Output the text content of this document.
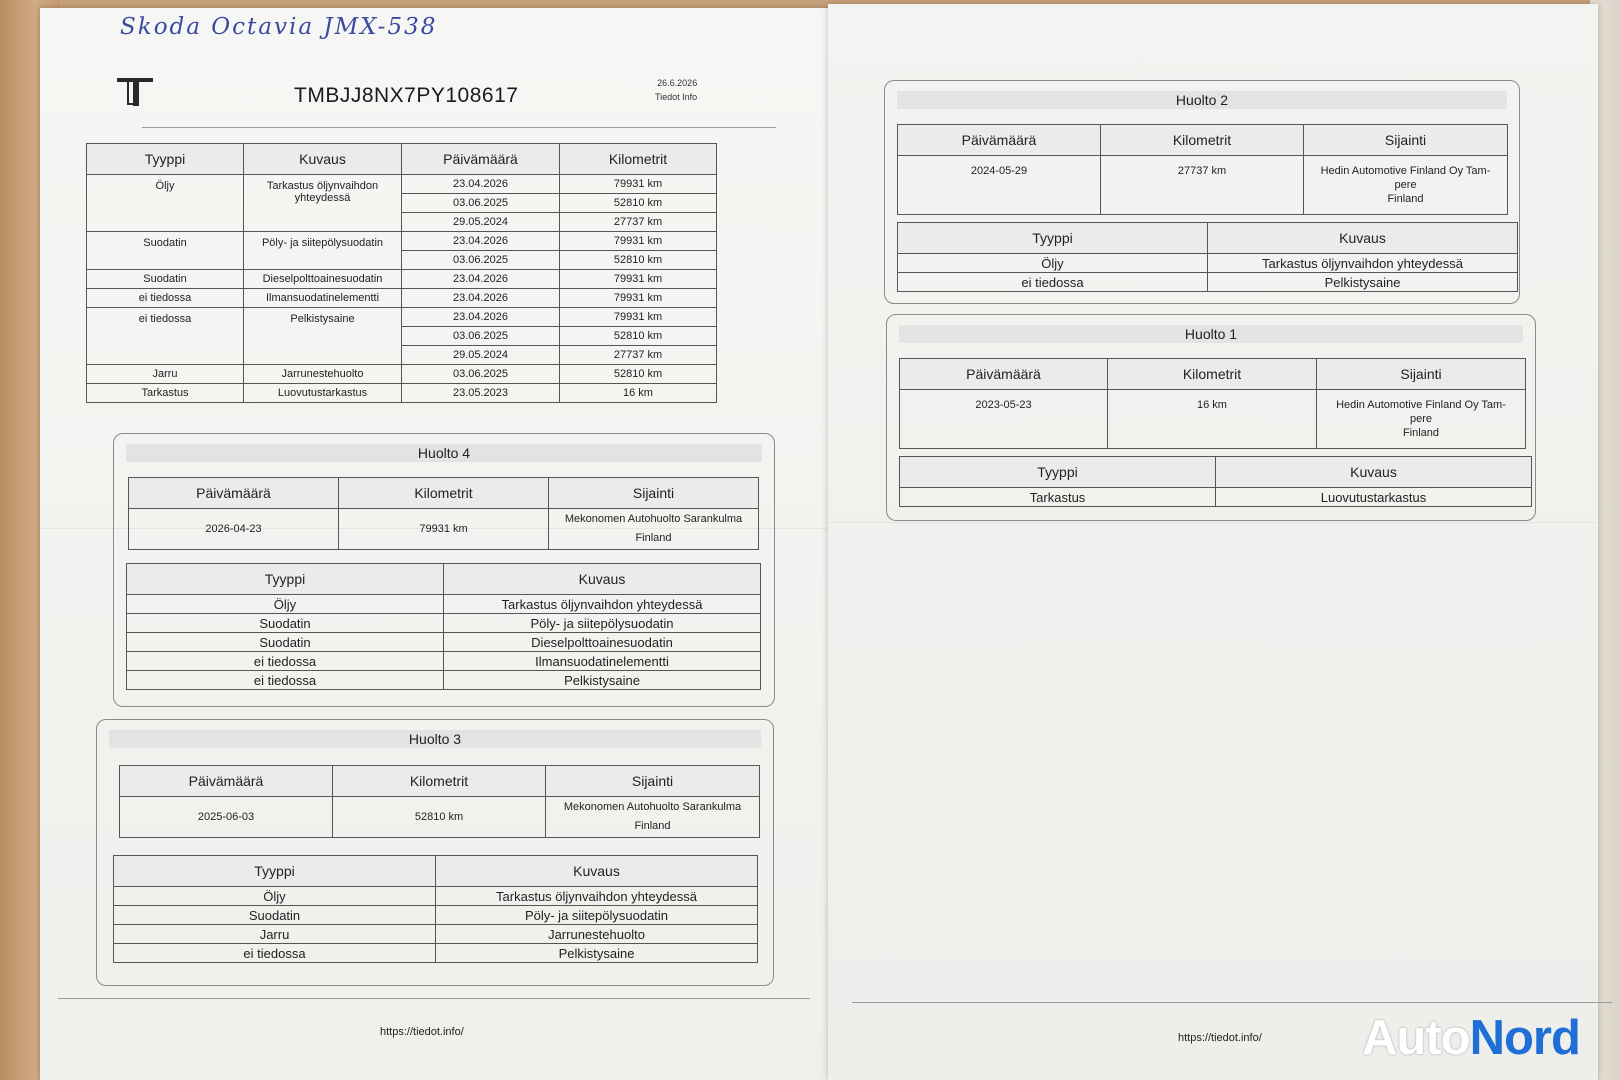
Skoda Octavia JMX-538
TMBJJ8NX7PY108617
26.6.2026
Tiedot Info
Tyyppi	Kuvaus	Päivämäärä	Kilometrit
Öljy	Tarkastus öljynvaihdon yhteydessä	23.04.2026	79931 km
		03.06.2025	52810 km
		29.05.2024	27737 km
Suodatin	Pöly- ja siitepölysuodatin	23.04.2026	79931 km
		03.06.2025	52810 km
Suodatin	Dieselpolttoainesuodatin	23.04.2026	79931 km
ei tiedossa	Ilmansuodatinelementti	23.04.2026	79931 km
ei tiedossa	Pelkistysaine	23.04.2026	79931 km
		03.06.2025	52810 km
		29.05.2024	27737 km
Jarru	Jarrunestehuolto	03.06.2025	52810 km
Tarkastus	Luovutustarkastus	23.05.2023	16 km
Huolto 4
Päivämäärä	Kilometrit	Sijainti
2026-04-23	79931 km	Mekonomen Autohuolto Sarankulma
Finland
Tyyppi	Kuvaus
Öljy	Tarkastus öljynvaihdon yhteydessä
Suodatin	Pöly- ja siitepölysuodatin
Suodatin	Dieselpolttoainesuodatin
ei tiedossa	Ilmansuodatinelementti
ei tiedossa	Pelkistysaine
Huolto 3
Päivämäärä	Kilometrit	Sijainti
2025-06-03	52810 km	Mekonomen Autohuolto Sarankulma
Finland
Tyyppi	Kuvaus
Öljy	Tarkastus öljynvaihdon yhteydessä
Suodatin	Pöly- ja siitepölysuodatin
Jarru	Jarrunestehuolto
ei tiedossa	Pelkistysaine
https://tiedot.info/
Huolto 2
Päivämäärä	Kilometrit	Sijainti
2024-05-29	27737 km	Hedin Automotive Finland Oy Tam-
pere
Finland
Tyyppi	Kuvaus
Öljy	Tarkastus öljynvaihdon yhteydessä
ei tiedossa	Pelkistysaine
Huolto 1
Päivämäärä	Kilometrit	Sijainti
2023-05-23	16 km	Hedin Automotive Finland Oy Tam-
pere
Finland
Tyyppi	Kuvaus
Tarkastus	Luovutustarkastus
https://tiedot.info/ AutoNord
